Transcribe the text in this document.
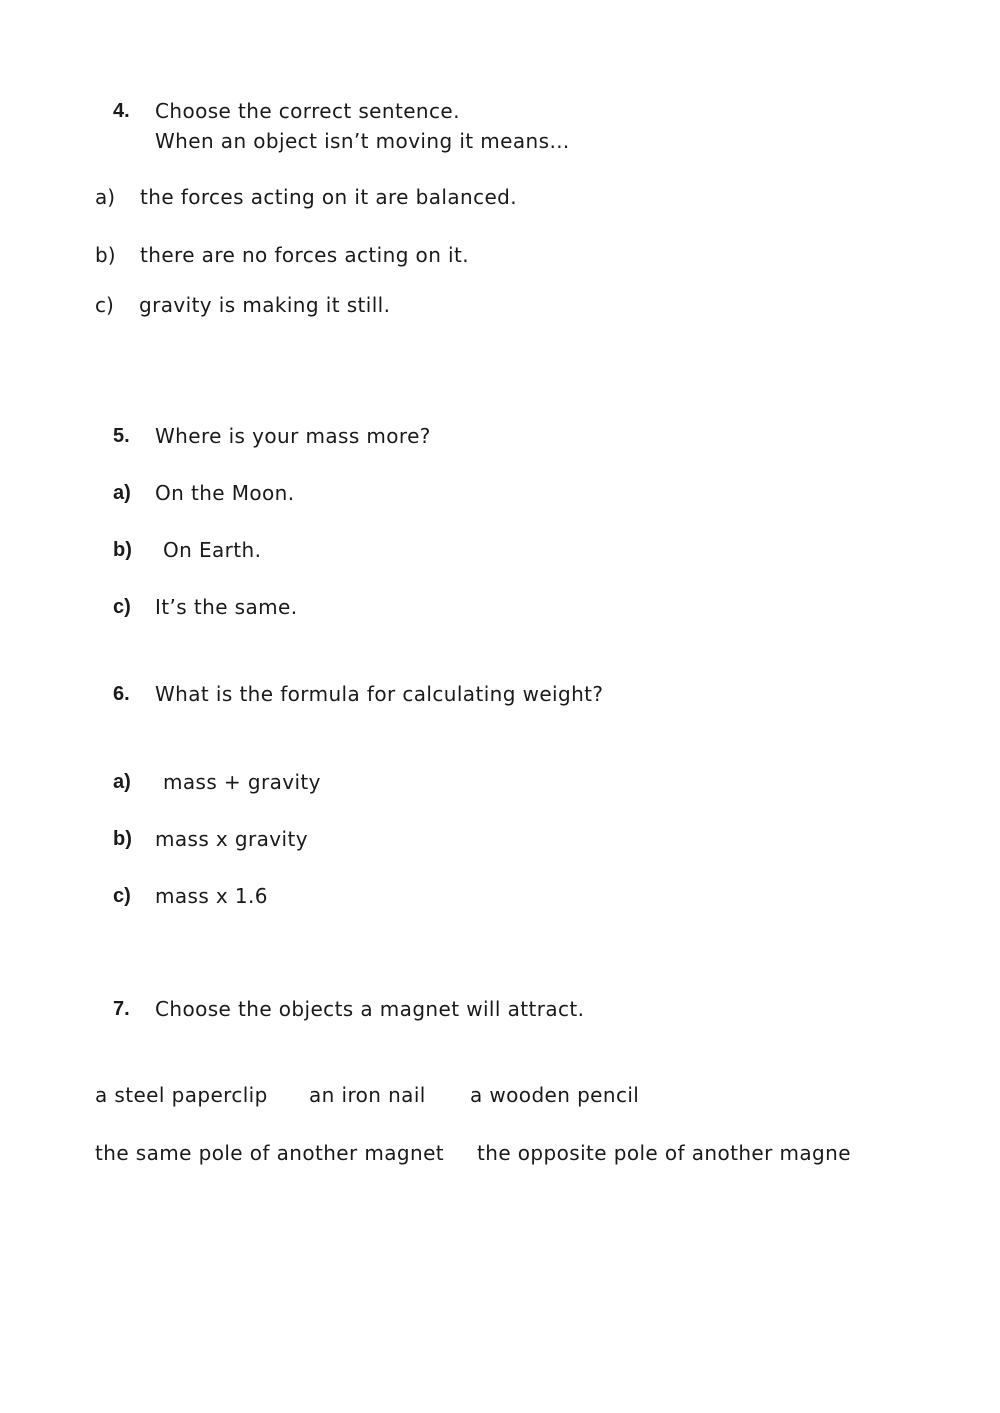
4. Choose the correct sentence.
When an object isn’t moving it means…
a) the forces acting on it are balanced.
b) there are no forces acting on it.
c) gravity is making it still.
5. Where is your mass more?
a) On the Moon.
b) On Earth.
c) It’s the same.
6. What is the formula for calculating weight?
a) mass + gravity
b) mass x gravity
c) mass x 1.6
7. Choose the objects a magnet will attract.
a steel paperclip an iron nail a wooden pencil
the same pole of another magnet the opposite pole of another magne
